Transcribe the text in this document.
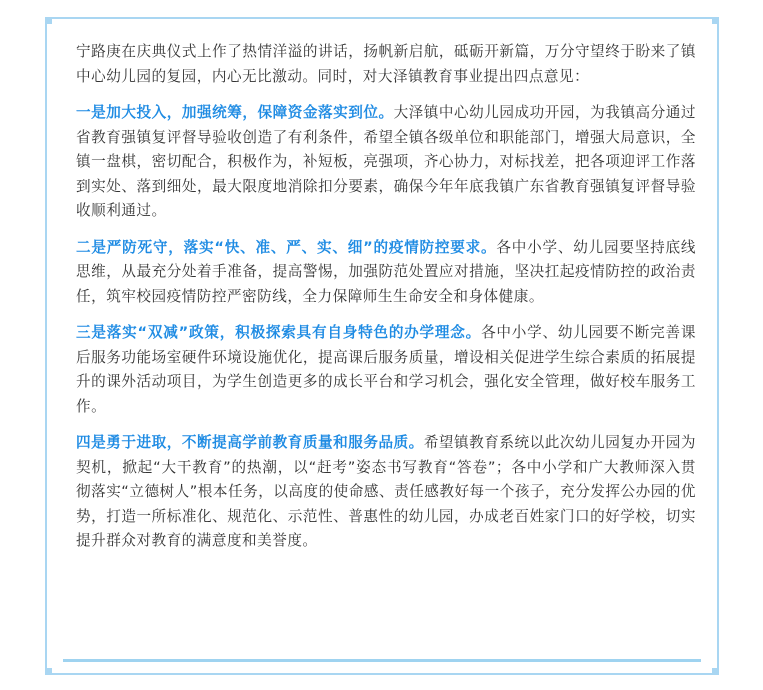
宁路庚在庆典仪式上作了热情洋溢的讲话，扬帆新启航，砥砺开新篇，万分守望终于盼来了镇中心幼儿园的复园，内心无比激动。同时，对大泽镇教育事业提出四点意见：

一是加大投入，加强统筹，保障资金落实到位。大泽镇中心幼儿园成功开园，为我镇高分通过省教育强镇复评督导验收创造了有利条件，希望全镇各级单位和职能部门，增强大局意识，全镇一盘棋，密切配合，积极作为，补短板，亮强项，齐心协力，对标找差，把各项迎评工作落到实处、落到细处，最大限度地消除扣分要素，确保今年年底我镇广东省教育强镇复评督导验收顺利通过。

二是严防死守，落实“快、准、严、实、细”的疫情防控要求。各中小学、幼儿园要坚持底线思维，从最充分处着手准备，提高警惕，加强防范处置应对措施，坚决扛起疫情防控的政治责任，筑牢校园疫情防控严密防线，全力保障师生生命安全和身体健康。

三是落实“双减”政策，积极探索具有自身特色的办学理念。各中小学、幼儿园要不断完善课后服务功能场室硬件环境设施优化，提高课后服务质量，增设相关促进学生综合素质的拓展提升的课外活动项目，为学生创造更多的成长平台和学习机会，强化安全管理，做好校车服务工作。

四是勇于进取，不断提高学前教育质量和服务品质。希望镇教育系统以此次幼儿园复办开园为契机，掀起“大干教育”的热潮，以“赶考”姿态书写教育“答卷”；各中小学和广大教师深入贯彻落实“立德树人”根本任务，以高度的使命感、责任感教好每一个孩子，充分发挥公办园的优势，打造一所标准化、规范化、示范性、普惠性的幼儿园，办成老百姓家门口的好学校，切实提升群众对教育的满意度和美誉度。
